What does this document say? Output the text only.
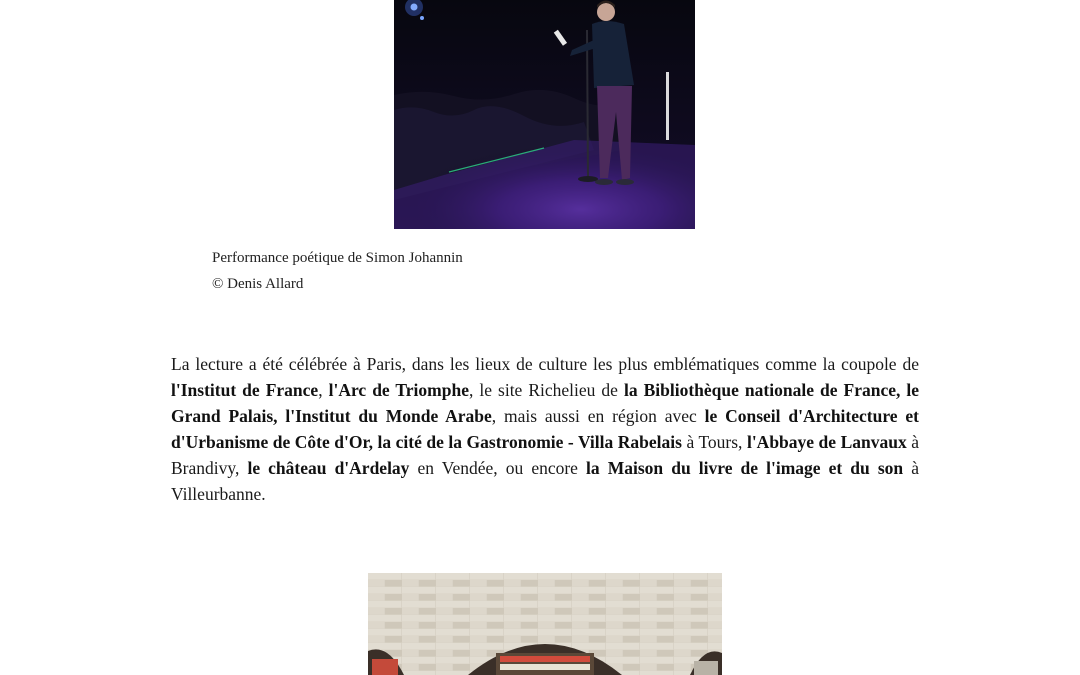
Performance poétique de Simon Johannin
© Denis Allard

La lecture a été célébrée à Paris, dans les lieux de culture les plus emblématiques comme la coupole de l'Institut de France, l'Arc de Triomphe, le site Richelieu de la Bibliothèque nationale de France, le Grand Palais, l'Institut du Monde Arabe, mais aussi en région avec le Conseil d'Architecture et d'Urbanisme de Côte d'Or, la cité de la Gastronomie - Villa Rabelais à Tours, l'Abbaye de Lanvaux à Brandivy, le château d'Ardelay en Vendée, ou encore la Maison du livre de l'image et du son à Villeurbanne.
